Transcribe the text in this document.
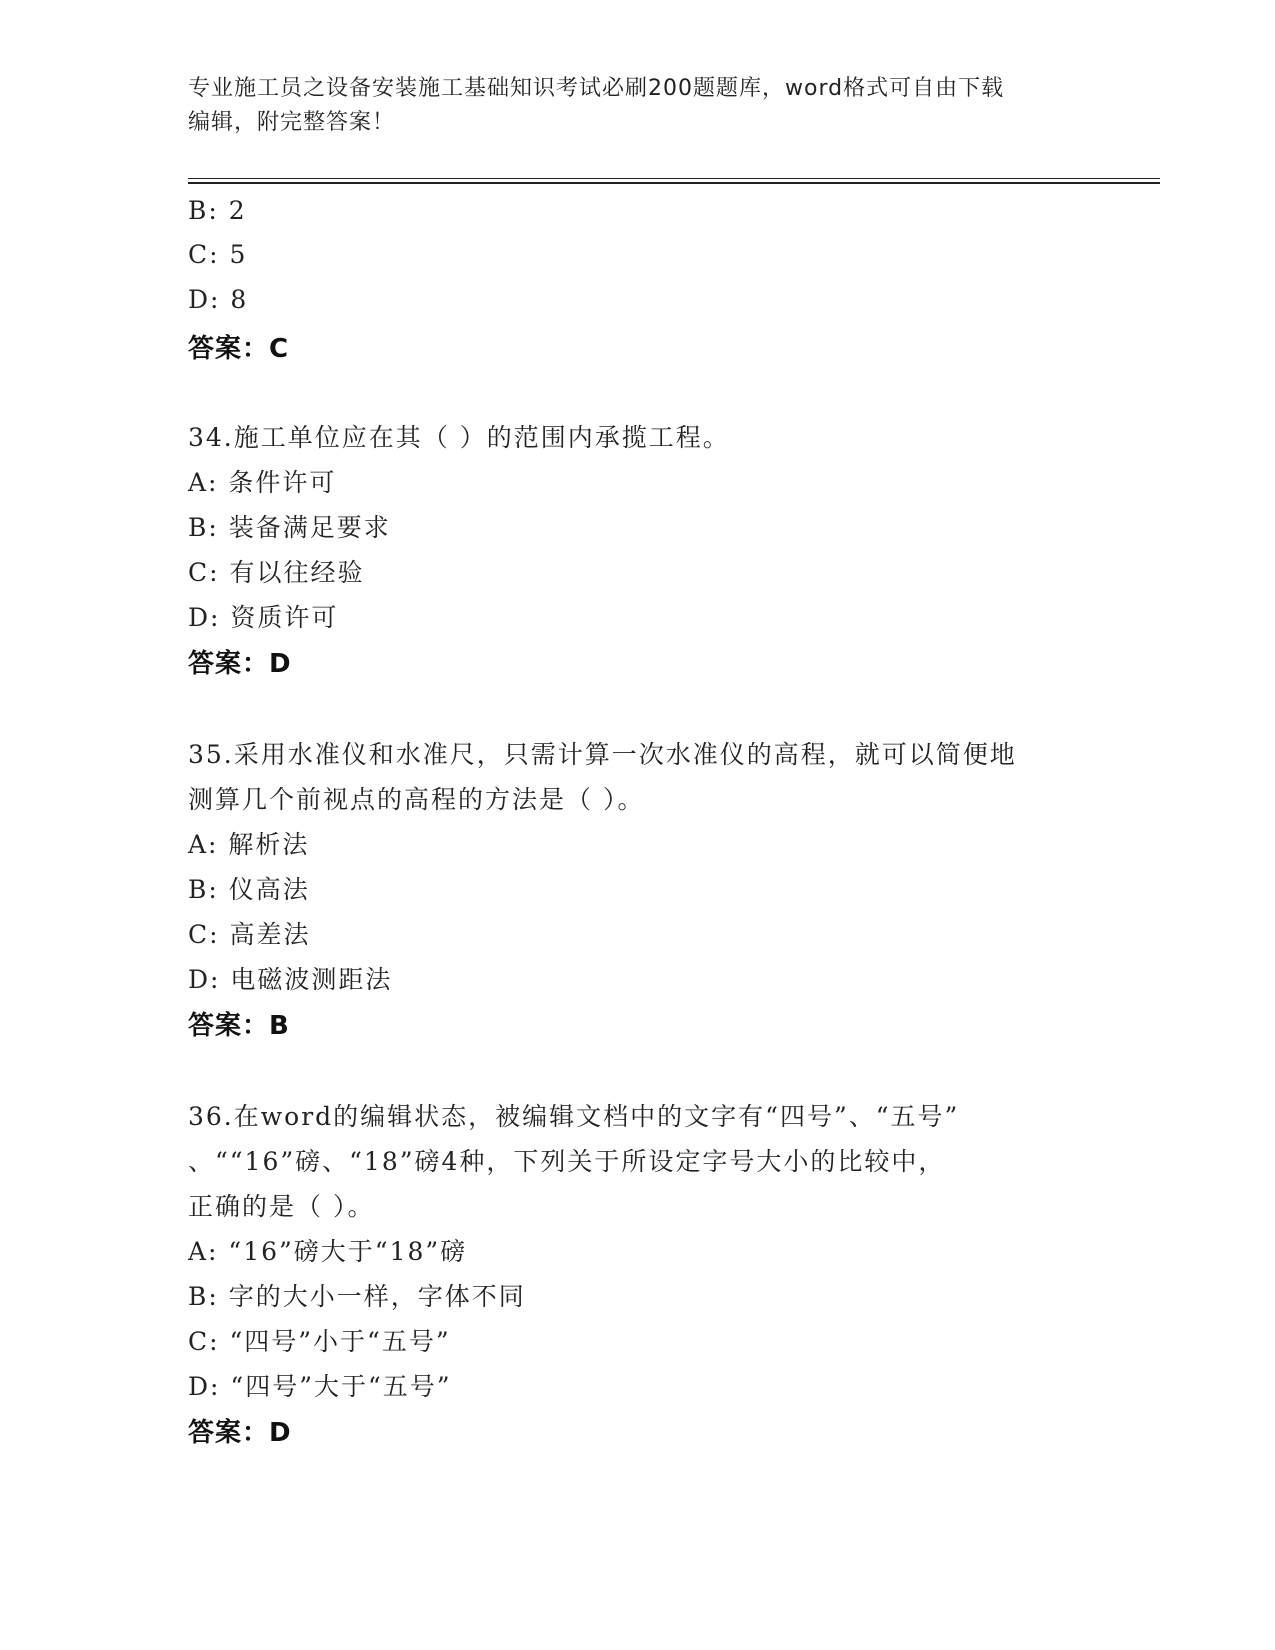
专业施工员之设备安装施工基础知识考试必刷200题题库，word格式可自由下载
编辑，附完整答案！
B: 2
C: 5
D: 8
答案：C
34.施工单位应在其（ ）的范围内承揽工程。
A: 条件许可
B: 装备满足要求
C: 有以往经验
D: 资质许可
答案：D
35.采用水准仪和水准尺，只需计算一次水准仪的高程，就可以简便地
测算几个前视点的高程的方法是（ ）。
A: 解析法
B: 仪高法
C: 高差法
D: 电磁波测距法
答案：B
36.在word的编辑状态，被编辑文档中的文字有“四号”、“五号”
、““16”磅、“18”磅4种，下列关于所设定字号大小的比较中，
正确的是（ ）。
A: “16”磅大于“18”磅
B: 字的大小一样，字体不同
C: “四号”小于“五号”
D: “四号”大于“五号”
答案：D
